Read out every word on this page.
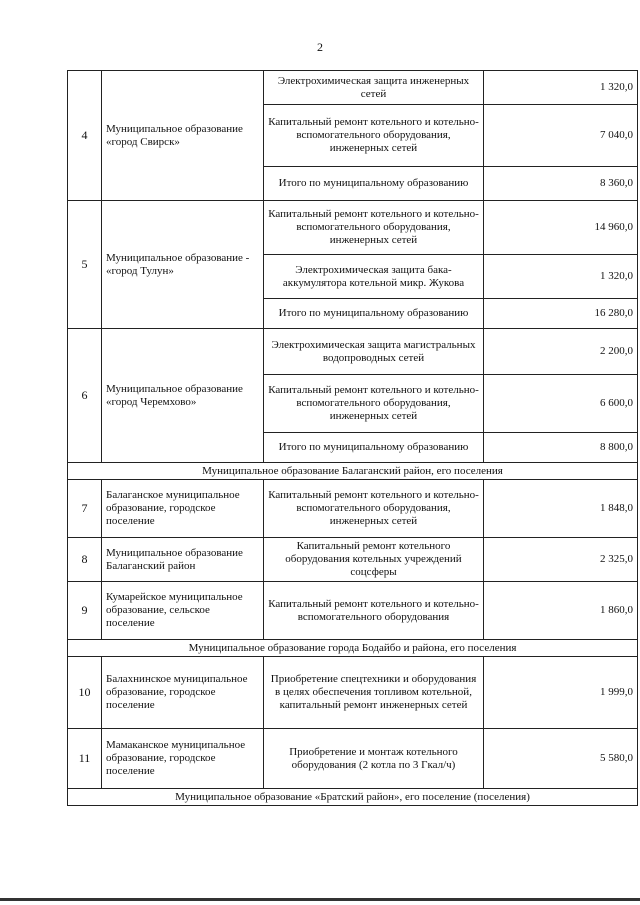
2
4	Муниципальное образование «город Свирск»	Электрохимическая защита инженерных сетей	1 320,0
		Капитальный ремонт котельного и котельно-вспомогательного оборудования, инженерных сетей	7 040,0
		Итого по муниципальному образованию	8 360,0
5	Муниципальное образование - «город Тулун»	Капитальный ремонт котельного и котельно-вспомогательного оборудования, инженерных сетей	14 960,0
		Электрохимическая защита бака-аккумулятора котельной микр. Жукова	1 320,0
		Итого по муниципальному образованию	16 280,0
6	Муниципальное образование «город Черемхово»	Электрохимическая защита магистральных водопроводных сетей	2 200,0
		Капитальный ремонт котельного и котельно-вспомогательного оборудования, инженерных сетей	6 600,0
		Итого по муниципальному образованию	8 800,0
Муниципальное образование Балаганский район, его поселения			
7	Балаганское муниципальное образование, городское поселение	Капитальный ремонт котельного и котельно-вспомогательного оборудования, инженерных сетей	1 848,0
8	Муниципальное образование Балаганский район	Капитальный ремонт котельного оборудования котельных учреждений соцсферы	2 325,0
9	Кумарейское муниципальное образование, сельское поселение	Капитальный ремонт котельного и котельно-вспомогательного оборудования	1 860,0
Муниципальное образование города Бодайбо и района, его поселения			
10	Балахнинское муниципальное образование, городское поселение	Приобретение спецтехники и оборудования в целях обеспечения топливом котельной, капитальный ремонт инженерных сетей	1 999,0
11	Мамаканское муниципальное образование, городское поселение	Приобретение и монтаж котельного оборудования (2 котла по 3 Гкал/ч)	5 580,0
Муниципальное образование «Братский район», его поселение (поселения)			
